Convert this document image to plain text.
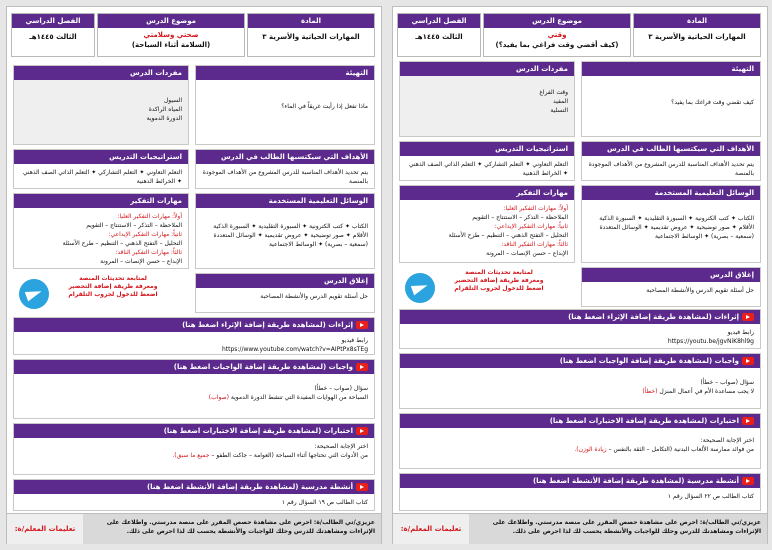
المادة
المهارات الحياتية والأسرية ٣
موضوع الدرس
صحتي وسلامتي
(السلامة أثناء السباحة)
الفصل الدراسي
الثالث ١٤٤٥هـ
التهيئة
ماذا تفعل إذا رأيت غريقاً في الماء؟
مفردات الدرس
السيول
المياه الراكدة
الدورة الدموية
الأهداف التي سيكتسبها الطالب في الدرس
يتم تحديد الأهداف المناسبة للدرس المشروع من الأهداف الموجودة بالمنصة
استراتيجيات التدريس
التعلم التعاوني ✦ التعلم التشاركي ✦ التعلم الذاتي الصف الذهني ✦ الخرائط الذهنية
الوسائل التعليمية المستخدمة
الكتاب ✦ كتب الكترونية ✦ السبورة التقليدية ✦ السبورة الذكية الأقلام ✦ صور توضيحية ✦ عروض تقديمية ✦ الوسائل المتعددة (سمعية – بصرية) ✦ الوسائط الاجتماعية
مهارات التفكير
أولاً: مهارات التفكير العليا:
الملاحظة – التذكر – الاستنتاج – التقويم
ثانياً: مهارات التفكير الإبداعي:
التحليل – التفتح الذهني – التنظيم – طرح الأسئلة
ثالثاً: مهارات التفكير الناقد:
الإبداع – حسن الإنصات – المرونة
إغلاق الدرس
حل أسئلة تقويم الدرس والأنشطة المصاحبة
لمتابعة تحديثات المنصة
ومعرفة طريقة إضافة التحضير
اضغط للدخول لجروب التلقرام
إثراءات (لمشاهدة طريقة إضافة الإثراء اضغط هنا)
رابط فيديو
https://www.youtube.com/watch?v=AIPtPx8sTEg
واجبات (لمشاهدة طريقة إضافة الواجبات اضغط هنا)
سؤال (صواب – خطأ)
السباحة من الهوايات المفيدة التي تنشط الدورة الدموية (صواب)
اختبارات (لمشاهدة طريقة إضافة الاختبارات اضغط هنا)
اختر الإجابة الصحيحة:
من الأدوات التي تحتاجها أثناء السباحة (العوامة – جاكت الطفو – جميع ما سبق).
أنشطة مدرسية (لمشاهدة طريقة إضافة الأنشطة اضغط هنا)
كتاب الطالب ص ١٩ السؤال رقم ١
عزيزي/تي الطالب/ة: احرص على مشاهدة حصص المقرر على منصة مدرستي. واطلاعك على الإثراءات ومشاهدتك للدرس وحلك للواجبات والأنشطة يحسب لك لذا احرص على ذلك.
تعليمات المعلم/ة:
المادة
المهارات الحياتية والأسرية ٣
موضوع الدرس
وقتي
(كيف أقضي وقت فراغي بما يفيد؟)
الفصل الدراسي
الثالث ١٤٤٥هـ
التهيئة
كيف تقضي وقت فراغك بما يفيد؟
مفردات الدرس
وقت الفراغ
المفيد
التسلية
الأهداف التي سيكتسبها الطالب في الدرس
يتم تحديد الأهداف المناسبة للدرس المشروع من الأهداف الموجودة بالمنصة
استراتيجيات التدريس
التعلم التعاوني ✦ التعلم التشاركي ✦ التعلم الذاتي الصف الذهني ✦ الخرائط الذهنية
الوسائل التعليمية المستخدمة
الكتاب ✦ كتب الكترونية ✦ السبورة التقليدية ✦ السبورة الذكية الأقلام ✦ صور توضيحية ✦ عروض تقديمية ✦ الوسائل المتعددة (سمعية – بصرية) ✦ الوسائط الاجتماعية
مهارات التفكير
أولاً: مهارات التفكير العليا:
الملاحظة – التذكر – الاستنتاج – التقويم
ثانياً: مهارات التفكير الإبداعي:
التحليل – التفتح الذهني – التنظيم – طرح الأسئلة
ثالثاً: مهارات التفكير الناقد:
الإبداع – حسن الإنصات – المرونة
إغلاق الدرس
حل أسئلة تقويم الدرس والأنشطة المصاحبة
لمتابعة تحديثات المنصة
ومعرفة طريقة إضافة التحضير
اضغط للدخول لجروب التلقرام
إثراءات (لمشاهدة طريقة إضافة الإثراء اضغط هنا)
رابط فيديو
https://youtu.be/jgvNiK8hl9g
واجبات (لمشاهدة طريقة إضافة الواجبات اضغط هنا)
سؤال (صواب – خطأ)
لا يجب مساعدة الأم في أعمال المنزل (خطأ)
اختبارات (لمشاهدة طريقة إضافة الاختبارات اضغط هنا)
اختر الإجابة الصحيحة:
من فوائد ممارسة الألعاب البدنية (التكامل – الثقة بالنفس – زيادة الوزن).
أنشطة مدرسية (لمشاهدة طريقة إضافة الأنشطة اضغط هنا)
كتاب الطالب ص ٢٢ السؤال رقم ١
عزيزي/تي الطالب/ة: احرص على مشاهدة حصص المقرر على منصة مدرستي. واطلاعك على الإثراءات ومشاهدتك للدرس وحلك للواجبات والأنشطة يحسب لك لذا احرص على ذلك.
تعليمات المعلم/ة:
